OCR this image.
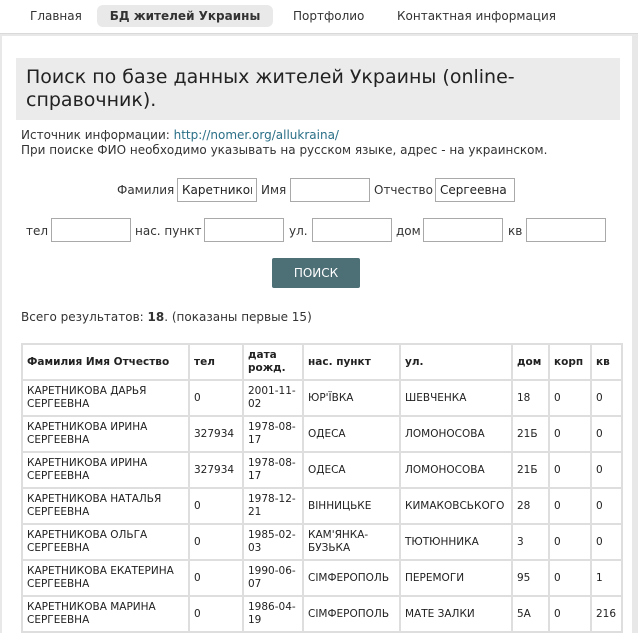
Главная	БД жителей Украины	Портфолио	Контактная информация
Поиск по базе данных жителей Украины (online-справочник).
Источник информации: http://nomer.org/allukraina/
При поиске ФИО необходимо указывать на русском языке, адрес - на украинском.
Фамилия
Каретников	Имя	Отчество
Сергеевна
тел	нас. пункт	ул.	дом	кв
ПОИСК
Всего результатов: 18. (показаны первые 15)
Фамилия Имя Отчество	тел	дата рожд.	нас. пункт	ул.	дом	корп	кв
КАРЕТНИКОВА ДАРЬЯ СЕРГЕЕВНА	0	2001-11-02	ЮР'ЇВКА	ШЕВЧЕНКА	18	0	0
КАРЕТНИКОВА ИРИНА СЕРГЕЕВНА	327934	1978-08-17	ОДЕСА	ЛОМОНОСОВА	21Б	0	0
КАРЕТНИКОВА ИРИНА СЕРГЕЕВНА	327934	1978-08-17	ОДЕСА	ЛОМОНОСОВА	21Б	0	0
КАРЕТНИКОВА НАТАЛЬЯ СЕРГЕЕВНА	0	1978-12-21	ВІННИЦЬКЕ	КИМАКОВСЬКОГО	28	0	0
КАРЕТНИКОВА ОЛЬГА СЕРГЕЕВНА	0	1985-02-03	КАМ'ЯНКА-БУЗЬКА	ТЮТЮННИКА	3	0	0
КАРЕТНИКОВА ЕКАТЕРИНА СЕРГЕЕВНА	0	1990-06-07	СІМФЕРОПОЛЬ	ПЕРЕМОГИ	95	0	1
КАРЕТНИКОВА МАРИНА СЕРГЕЕВНА	0	1986-04-19	СІМФЕРОПОЛЬ	МАТЕ ЗАЛКИ	5А	0	216
